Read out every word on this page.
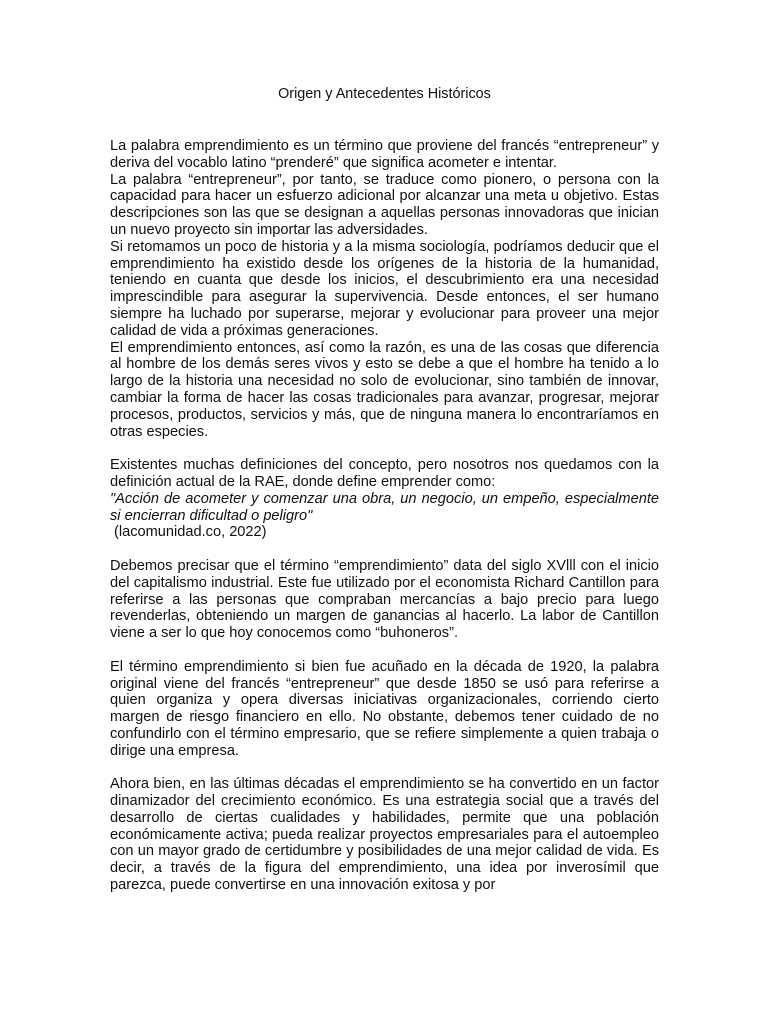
Origen y Antecedentes Históricos

La palabra emprendimiento es un término que proviene del francés “entrepreneur” y deriva del vocablo latino “prenderé” que significa acometer e intentar.

La palabra “entrepreneur”, por tanto, se traduce como pionero, o persona con la capacidad para hacer un esfuerzo adicional por alcanzar una meta u objetivo. Estas descripciones son las que se designan a aquellas personas innovadoras que inician un nuevo proyecto sin importar las adversidades.

Si retomamos un poco de historia y a la misma sociología, podríamos deducir que el emprendimiento ha existido desde los orígenes de la historia de la humanidad, teniendo en cuanta que desde los inicios, el descubrimiento era una necesidad imprescindible para asegurar la supervivencia. Desde entonces, el ser humano siempre ha luchado por superarse, mejorar y evolucionar para proveer una mejor calidad de vida a próximas generaciones.

El emprendimiento entonces, así como la razón, es una de las cosas que diferencia al hombre de los demás seres vivos y esto se debe a que el hombre ha tenido a lo largo de la historia una necesidad no solo de evolucionar, sino también de innovar, cambiar la forma de hacer las cosas tradicionales para avanzar, progresar, mejorar procesos, productos, servicios y más, que de ninguna manera lo encontraríamos en otras especies.

Existentes muchas definiciones del concepto, pero nosotros nos quedamos con la definición actual de la RAE, donde define emprender como:

"Acción de acometer y comenzar una obra, un negocio, un empeño, especialmente si encierran dificultad o peligro"

(lacomunidad.co, 2022)

Debemos precisar que el término “emprendimiento” data del siglo XVlll con el inicio del capitalismo industrial. Este fue utilizado por el economista Richard Cantillon para referirse a las personas que compraban mercancías a bajo precio para luego revenderlas, obteniendo un margen de ganancias al hacerlo. La labor de Cantillon viene a ser lo que hoy conocemos como “buhoneros”.

El término emprendimiento si bien fue acuñado en la década de 1920, la palabra original viene del francés “entrepreneur” que desde 1850 se usó para referirse a quien organiza y opera diversas iniciativas organizacionales, corriendo cierto margen de riesgo financiero en ello. No obstante, debemos tener cuidado de no confundirlo con el término empresario, que se refiere simplemente a quien trabaja o dirige una empresa.

Ahora bien, en las últimas décadas el emprendimiento se ha convertido en un factor dinamizador del crecimiento económico. Es una estrategia social que a través del desarrollo de ciertas cualidades y habilidades, permite que una población económicamente activa; pueda realizar proyectos empresariales para el autoempleo con un mayor grado de certidumbre y posibilidades de una mejor calidad de vida. Es decir, a través de la figura del emprendimiento, una idea por inverosímil que parezca, puede convertirse en una innovación exitosa y por
